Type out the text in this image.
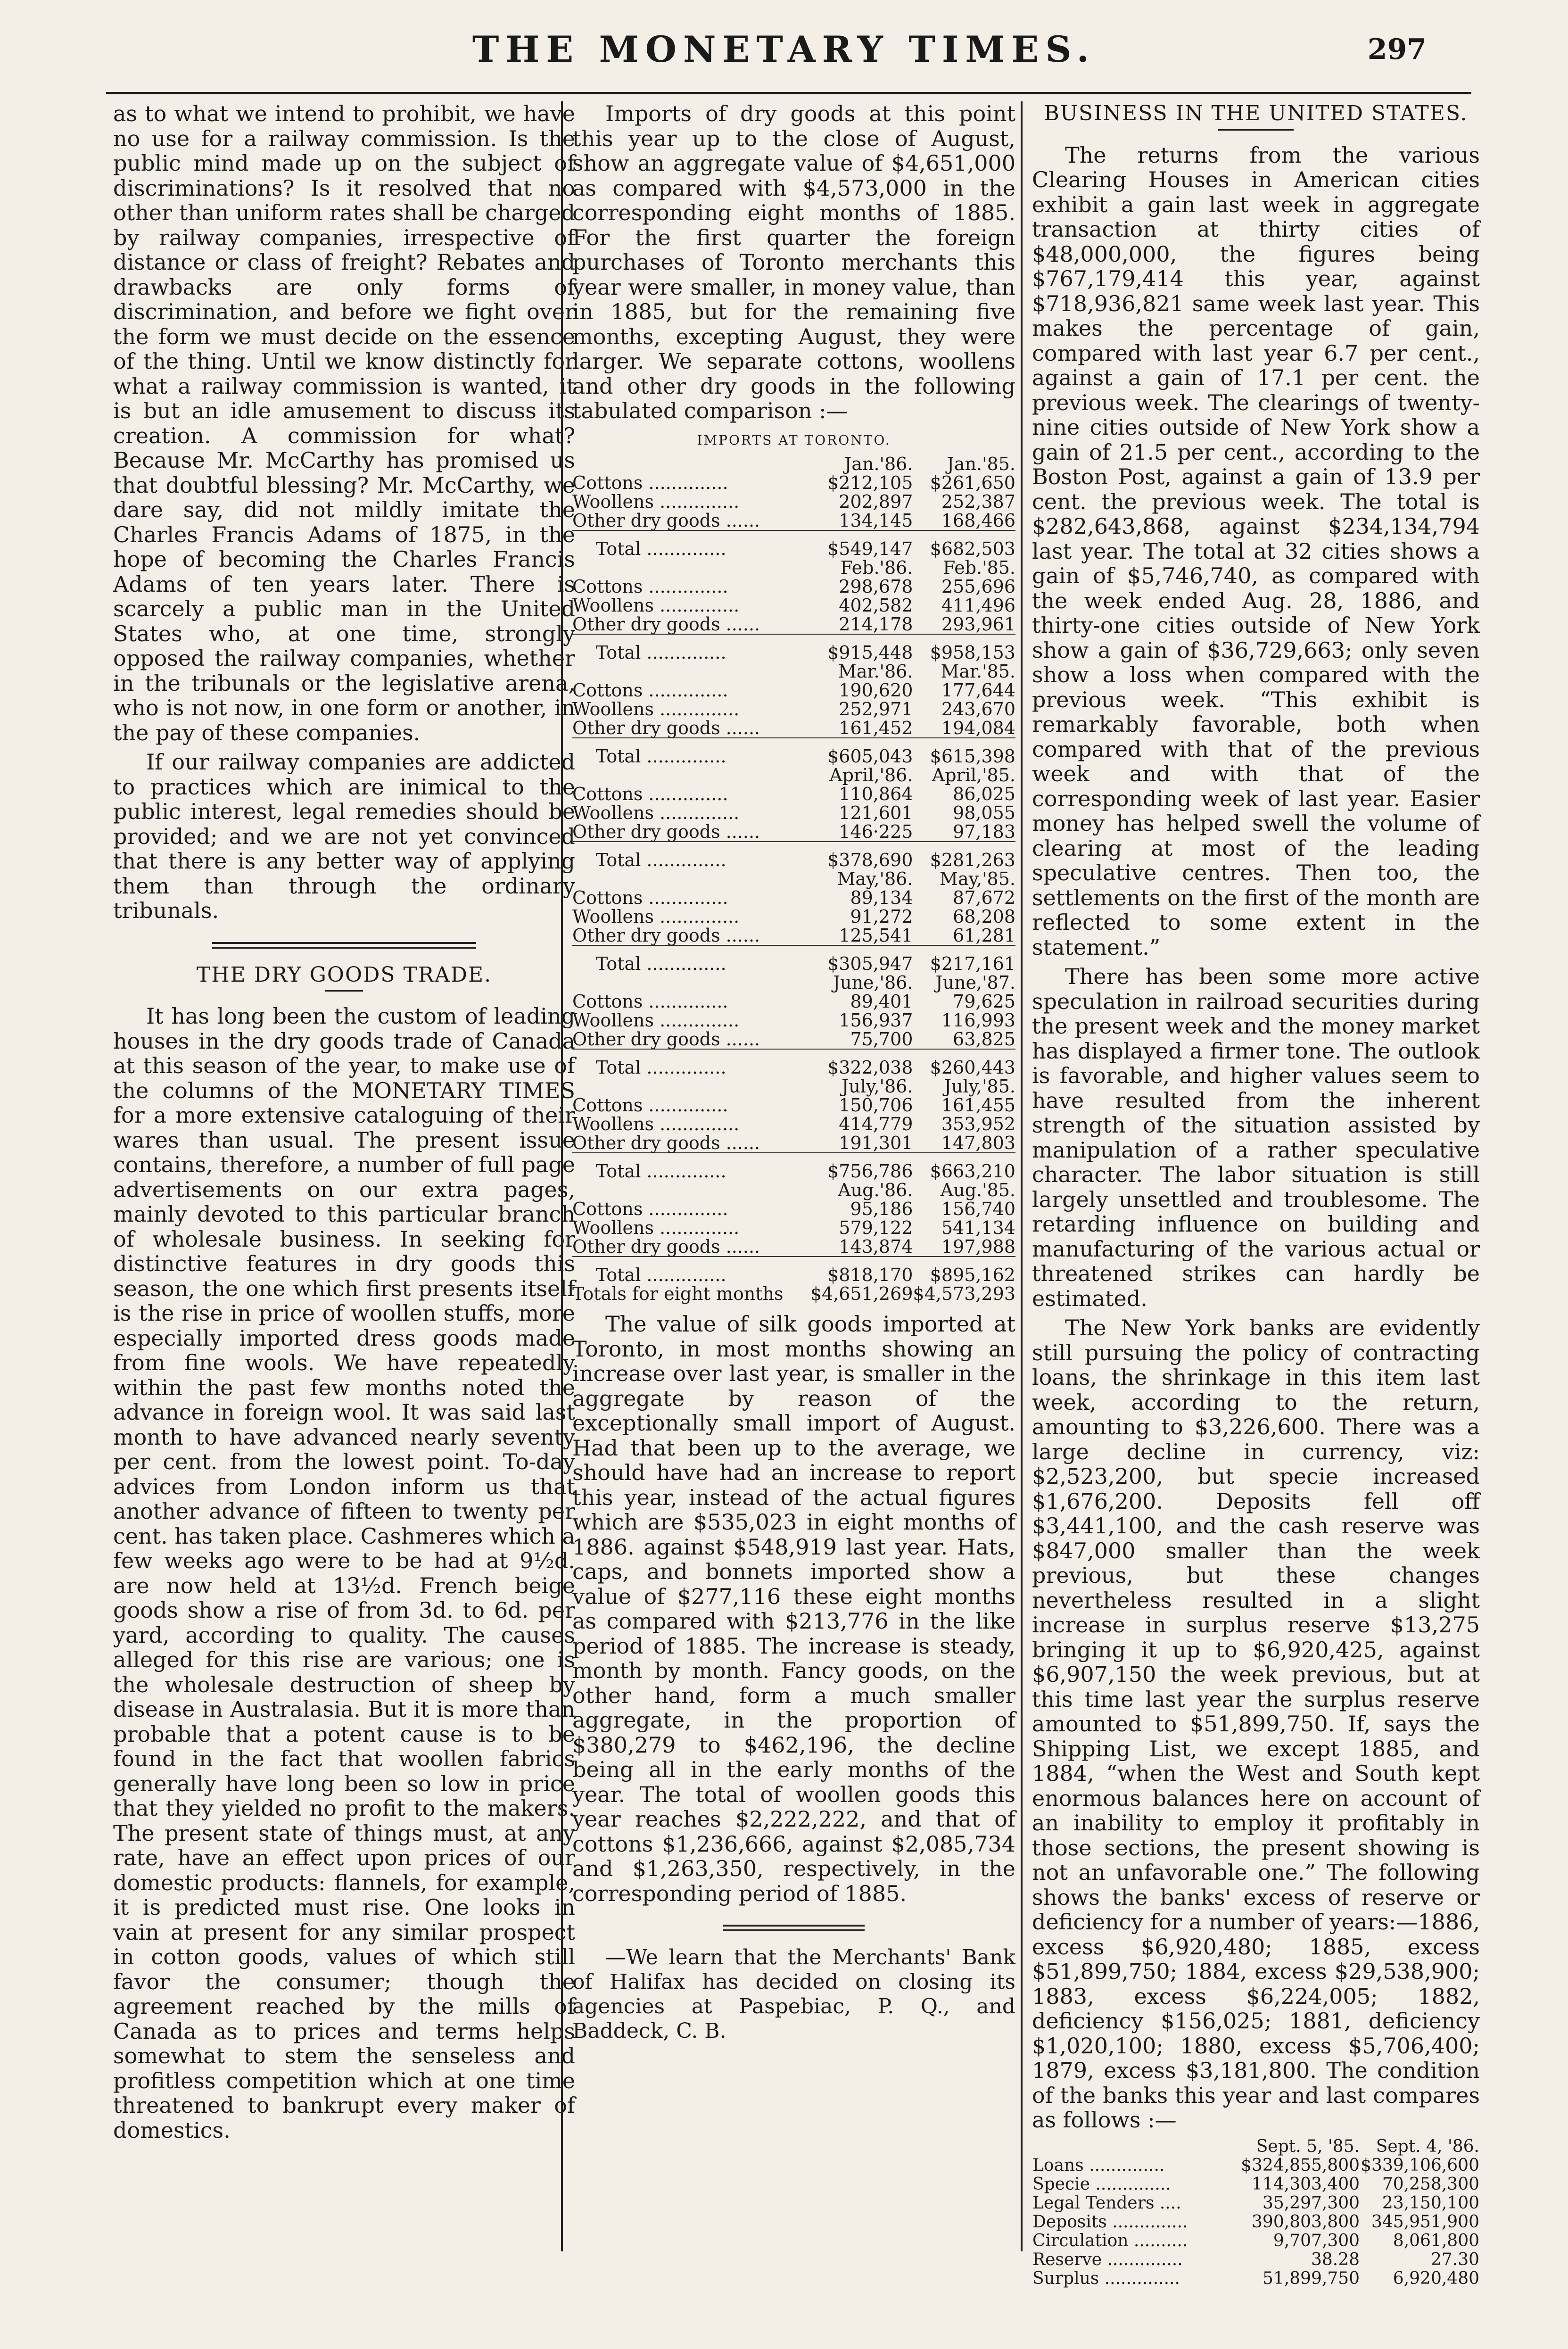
THE MONETARY TIMES.	297

as to what we intend to prohibit, we have no use for a railway commission. Is the public mind made up on the subject of discriminations? Is it resolved that no other than uniform rates shall be charged by railway companies, irrespective of distance or class of freight? Rebates and drawbacks are only forms of discrimination, and before we fight over the form we must decide on the essence of the thing. Until we know distinctly for what a railway commission is wanted, it is but an idle amusement to discuss its creation. A commission for what? Because Mr. McCarthy has promised us that doubtful blessing? Mr. McCarthy, we dare say, did not mildly imitate the Charles Francis Adams of 1875, in the hope of becoming the Charles Francis Adams of ten years later. There is scarcely a public man in the United States who, at one time, strongly opposed the railway companies, whether in the tribunals or the legislative arena, who is not now, in one form or another, in the pay of these companies.

If our railway companies are addicted to practices which are inimical to the public interest, legal remedies should be provided; and we are not yet convinced that there is any better way of applying them than through the ordinary tribunals.

THE DRY GOODS TRADE.

It has long been the custom of leading houses in the dry goods trade of Canada at this season of the year, to make use of the columns of the MONETARY TIMES for a more extensive cataloguing of their wares than usual. The present issue contains, therefore, a number of full page advertisements on our extra pages, mainly devoted to this particular branch of wholesale business. In seeking for distinctive features in dry goods this season, the one which first presents itself is the rise in price of woollen stuffs, more especially imported dress goods made from fine wools. We have repeatedly within the past few months noted the advance in foreign wool. It was said last month to have advanced nearly seventy per cent. from the lowest point. To-day advices from London inform us that another advance of fifteen to twenty per cent. has taken place. Cashmeres which a few weeks ago were to be had at 9½d. are now held at 13½d. French beige goods show a rise of from 3d. to 6d. per yard, according to quality. The causes alleged for this rise are various; one is the wholesale destruction of sheep by disease in Australasia. But it is more than probable that a potent cause is to be found in the fact that woollen fabrics generally have long been so low in price that they yielded no profit to the makers. The present state of things must, at any rate, have an effect upon prices of our domestic products: flannels, for example, it is predicted must rise. One looks in vain at present for any similar prospect in cotton goods, values of which still favor the consumer; though the agreement reached by the mills of Canada as to prices and terms helps somewhat to stem the senseless and profitless competition which at one time threatened to bankrupt every maker of domestics.

Imports of dry goods at this point this year up to the close of August, show an aggregate value of $4,651,000 as compared with $4,573,000 in the corresponding eight months of 1885. For the first quarter the foreign purchases of Toronto merchants this year were smaller, in money value, than in 1885, but for the remaining five months, excepting August, they were larger. We separate cottons, woollens and other dry goods in the following tabulated comparison :—

IMPORTS AT TORONTO.
	Jan.'86.	Jan.'85.
Cottons ..............	$212,105	$261,650
Woollens ..............	202,897	252,387
Other dry goods ......	134,145	168,466
Total ..............	$549,147	$682,503
	Feb.'86.	Feb.'85.
Cottons ..............	298,678	255,696
Woollens ..............	402,582	411,496
Other dry goods ......	214,178	293,961
Total ..............	$915,448	$958,153
	Mar.'86.	Mar.'85.
Cottons ..............	190,620	177,644
Woollens ..............	252,971	243,670
Other dry goods ......	161,452	194,084
Total ..............	$605,043	$615,398
	April,'86.	April,'85.
Cottons ..............	110,864	86,025
Woollens ..............	121,601	98,055
Other dry goods ......	146·225	97,183
Total ..............	$378,690	$281,263
	May,'86.	May,'85.
Cottons ..............	89,134	87,672
Woollens ..............	91,272	68,208
Other dry goods ......	125,541	61,281
Total ..............	$305,947	$217,161
	June,'86.	June,'87.
Cottons ..............	89,401	79,625
Woollens ..............	156,937	116,993
Other dry goods ......	75,700	63,825
Total ..............	$322,038	$260,443
	July,'86.	July,'85.
Cottons ..............	150,706	161,455
Woollens ..............	414,779	353,952
Other dry goods ......	191,301	147,803
Total ..............	$756,786	$663,210
	Aug.'86.	Aug.'85.
Cottons ..............	95,186	156,740
Woollens ..............	579,122	541,134
Other dry goods ......	143,874	197,988
Total ..............	$818,170	$895,162
Totals for eight months	$4,651,269	$4,573,293

The value of silk goods imported at Toronto, in most months showing an increase over last year, is smaller in the aggregate by reason of the exceptionally small import of August. Had that been up to the average, we should have had an increase to report this year, instead of the actual figures which are $535,023 in eight months of 1886. against $548,919 last year. Hats, caps, and bonnets imported show a value of $277,116 these eight months as compared with $213,776 in the like period of 1885. The increase is steady, month by month. Fancy goods, on the other hand, form a much smaller aggregate, in the proportion of $380,279 to $462,196, the decline being all in the early months of the year. The total of woollen goods this year reaches $2,222,222, and that of cottons $1,236,666, against $2,085,734 and $1,263,350, respectively, in the corresponding period of 1885.

—We learn that the Merchants' Bank of Halifax has decided on closing its agencies at Paspebiac, P. Q., and Baddeck, C. B.

BUSINESS IN THE UNITED STATES.

The returns from the various Clearing Houses in American cities exhibit a gain last week in aggregate transaction at thirty cities of $48,000,000, the figures being $767,179,414 this year, against $718,936,821 same week last year. This makes the percentage of gain, compared with last year 6.7 per cent., against a gain of 17.1 per cent. the previous week. The clearings of twenty-nine cities outside of New York show a gain of 21.5 per cent., according to the Boston Post, against a gain of 13.9 per cent. the previous week. The total is $282,643,868, against $234,134,794 last year. The total at 32 cities shows a gain of $5,746,740, as compared with the week ended Aug. 28, 1886, and thirty-one cities outside of New York show a gain of $36,729,663; only seven show a loss when compared with the previous week. “This exhibit is remarkably favorable, both when compared with that of the previous week and with that of the corresponding week of last year. Easier money has helped swell the volume of clearing at most of the leading speculative centres. Then too, the settlements on the first of the month are reflected to some extent in the statement.”

There has been some more active speculation in railroad securities during the present week and the money market has displayed a firmer tone. The outlook is favorable, and higher values seem to have resulted from the inherent strength of the situation assisted by manipulation of a rather speculative character. The labor situation is still largely unsettled and troublesome. The retarding influence on building and manufacturing of the various actual or threatened strikes can hardly be estimated.

The New York banks are evidently still pursuing the policy of contracting loans, the shrinkage in this item last week, according to the return, amounting to $3,226,600. There was a large decline in currency, viz: $2,523,200, but specie increased $1,676,200. Deposits fell off $3,441,100, and the cash reserve was $847,000 smaller than the week previous, but these changes nevertheless resulted in a slight increase in surplus reserve $13,275 bringing it up to $6,920,425, against $6,907,150 the week previous, but at this time last year the surplus reserve amounted to $51,899,750. If, says the Shipping List, we except 1885, and 1884, “when the West and South kept enormous balances here on account of an inability to employ it profitably in those sections, the present showing is not an unfavorable one.” The following shows the banks' excess of reserve or deficiency for a number of years:—1886, excess $6,920,480; 1885, excess $51,899,750; 1884, excess $29,538,900; 1883, excess $6,224,005; 1882, deficiency $156,025; 1881, deficiency $1,020,100; 1880, excess $5,706,400; 1879, excess $3,181,800. The condition of the banks this year and last compares as follows :—

	Sept. 5, '85.	Sept. 4, '86.
Loans ..............	$324,855,800	$339,106,600
Specie ..............	114,303,400	70,258,300
Legal Tenders ....	35,297,300	23,150,100
Deposits ..............	390,803,800	345,951,900
Circulation ..........	9,707,300	8,061,800
Reserve ..............	38.28	27.30
Surplus ..............	51,899,750	6,920,480
